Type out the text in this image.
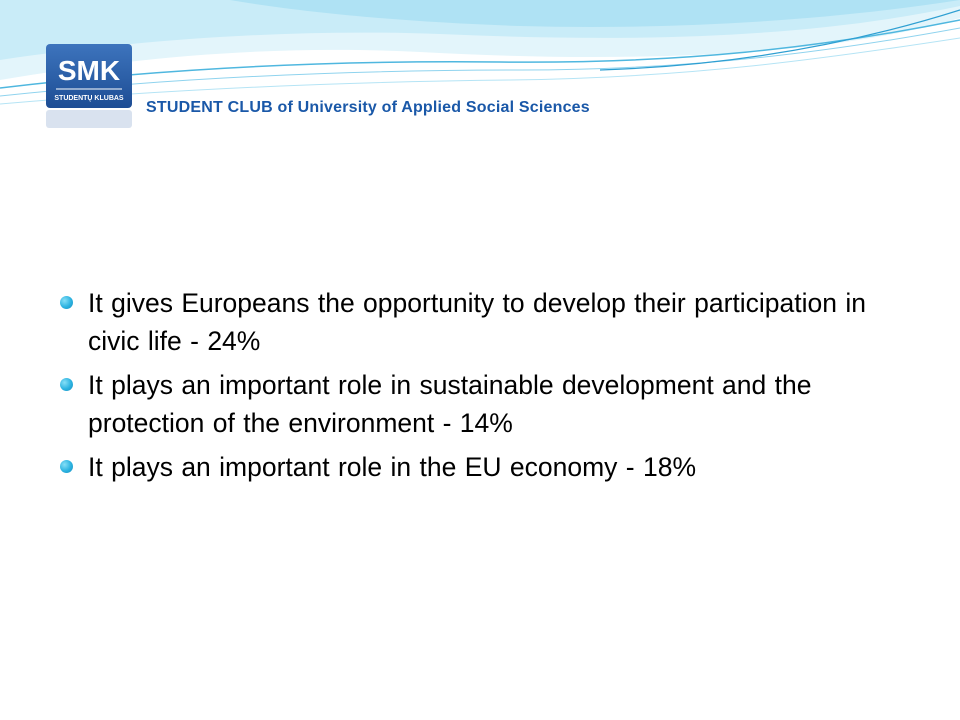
SMK
STUDENTŲ KLUBAS
STUDENT CLUB of University of Applied Social Sciences
It gives Europeans the opportunity to develop their participation in civic life - 24%
It plays an important role in sustainable development and the protection of the environment - 14%
It plays an important role in the EU economy - 18%
